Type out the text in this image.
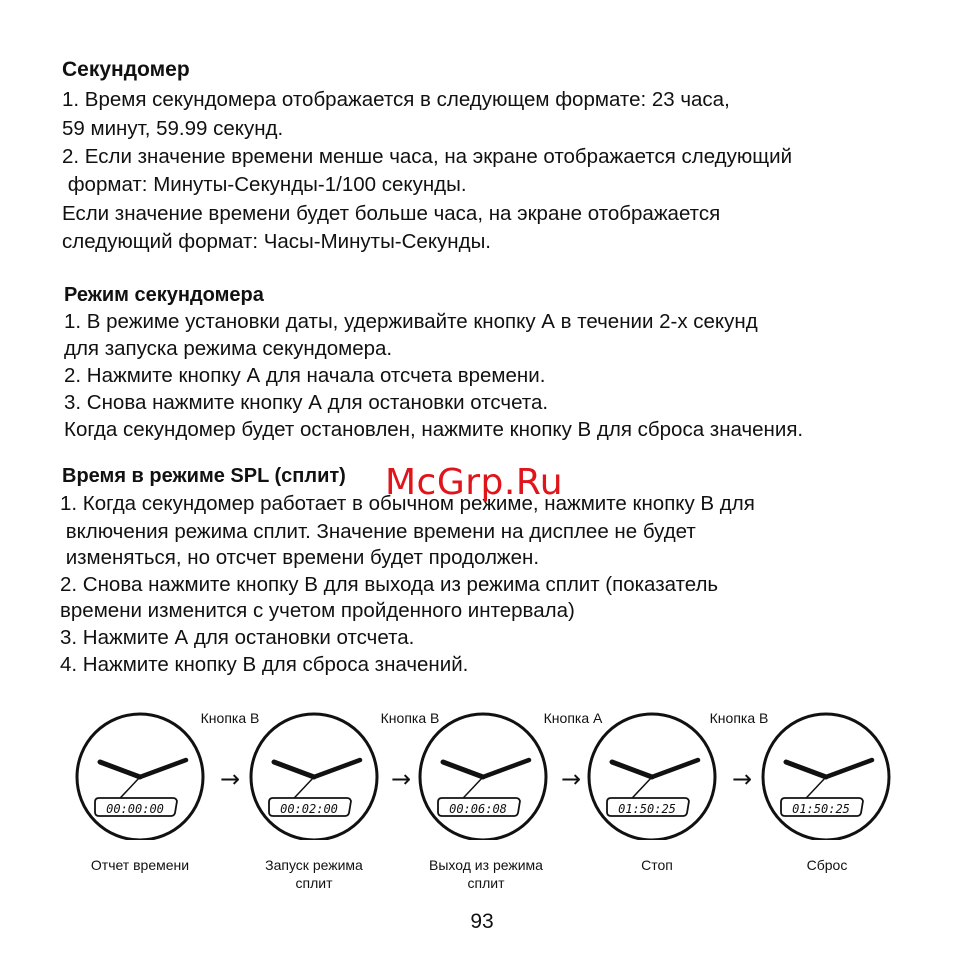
Секундомер
1. Время секундомера отображается в следующем формате: 23 часа,
59 минут, 59.99 секунд.
2. Если значение времени менше часа, на экране отображается следующий
формат: Минуты-Секунды-1/100 секунды.
Если значение времени будет больше часа, на экране отображается
следующий формат: Часы-Минуты-Секунды.
Режим секундомера
1. В режиме установки даты, удерживайте кнопку А в течении 2-х секунд
для запуска режима секундомера.
2. Нажмите кнопку А для начала отсчета времени.
3. Снова нажмите кнопку А для остановки отсчета.
Когда секундомер будет остановлен, нажмите кнопку В для сброса значения.
Время в режиме SPL (сплит)
1. Когда секундомер работает в обычном режиме, нажмите кнопку В для
включения режима сплит. Значение времени на дисплее не будет
изменяться, но отсчет времени будет продолжен.
2. Снова нажмите кнопку В для выхода из режима сплит (показатель
времени изменится с учетом пройденного интервала)
3. Нажмите А для остановки отсчета.
4. Нажмите кнопку В для сброса значений.
McGrp.Ru
Кнопка В	Кнопка В	Кнопка А	Кнопка В
00:00:00	00:02:00	00:06:08	01:50:25	01:50:25
→	→	→	→
Отчет времени	Запуск режима
сплит
Выход из режима
сплит
Стоп	Сброс
93
